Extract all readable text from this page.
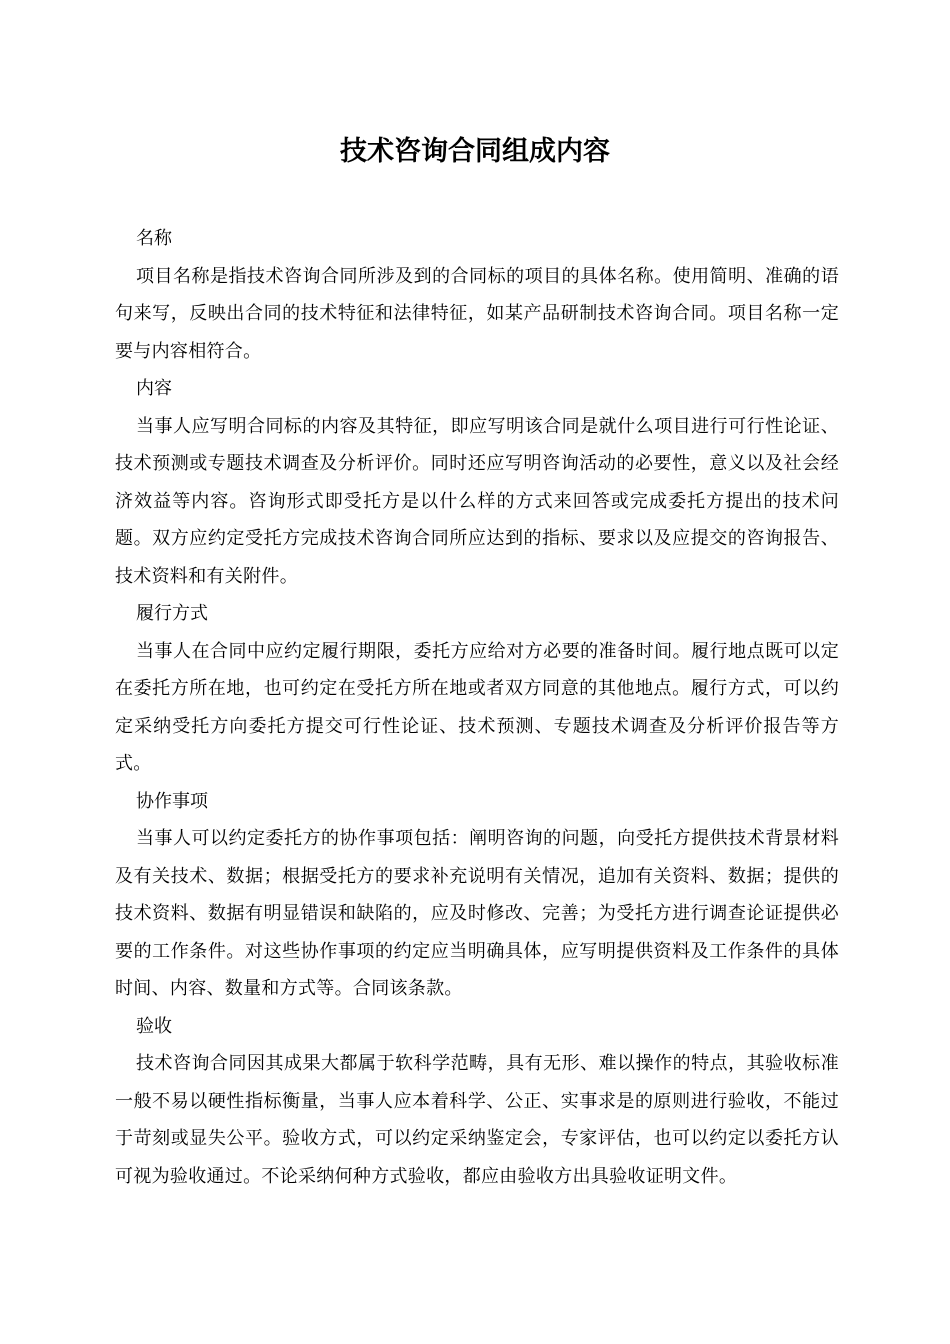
技术咨询合同组成内容

名称

项目名称是指技术咨询合同所涉及到的合同标的项目的具体名称。使用简明、准确的语句来写，反映出合同的技术特征和法律特征，如某产品研制技术咨询合同。项目名称一定要与内容相符合。

内容

当事人应写明合同标的内容及其特征，即应写明该合同是就什么项目进行可行性论证、技术预测或专题技术调查及分析评价。同时还应写明咨询活动的必要性，意义以及社会经济效益等内容。咨询形式即受托方是以什么样的方式来回答或完成委托方提出的技术问题。双方应约定受托方完成技术咨询合同所应达到的指标、要求以及应提交的咨询报告、技术资料和有关附件。

履行方式

当事人在合同中应约定履行期限，委托方应给对方必要的准备时间。履行地点既可以定在委托方所在地，也可约定在受托方所在地或者双方同意的其他地点。履行方式，可以约定采纳受托方向委托方提交可行性论证、技术预测、专题技术调查及分析评价报告等方式。

协作事项

当事人可以约定委托方的协作事项包括：阐明咨询的问题，向受托方提供技术背景材料及有关技术、数据；根据受托方的要求补充说明有关情况，追加有关资料、数据；提供的技术资料、数据有明显错误和缺陷的，应及时修改、完善；为受托方进行调查论证提供必要的工作条件。对这些协作事项的约定应当明确具体，应写明提供资料及工作条件的具体时间、内容、数量和方式等。合同该条款。

验收

技术咨询合同因其成果大都属于软科学范畴，具有无形、难以操作的特点，其验收标准一般不易以硬性指标衡量，当事人应本着科学、公正、实事求是的原则进行验收，不能过于苛刻或显失公平。验收方式，可以约定采纳鉴定会，专家评估，也可以约定以委托方认可视为验收通过。不论采纳何种方式验收，都应由验收方出具验收证明文件。
